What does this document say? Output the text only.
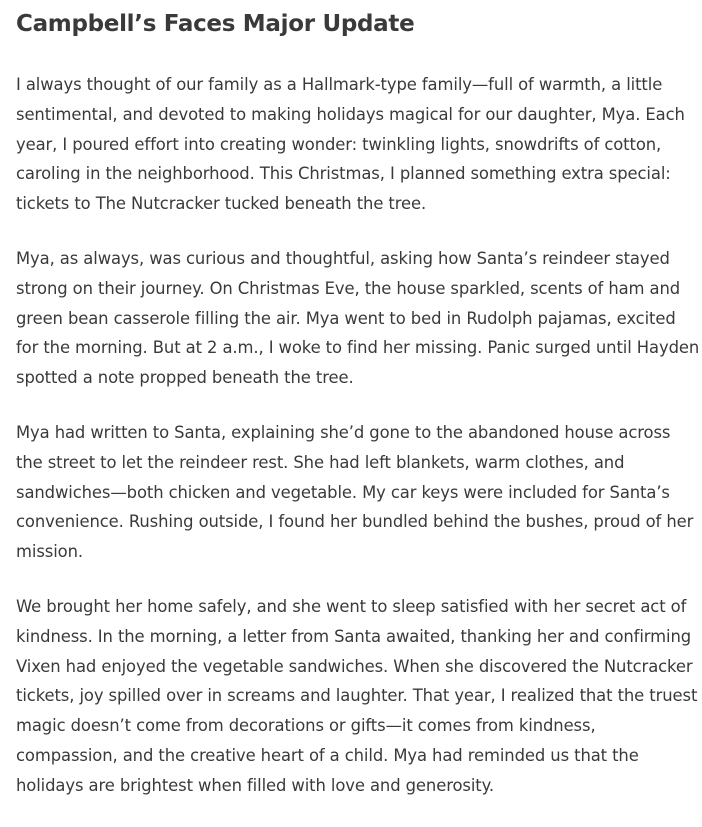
Campbell’s Faces Major Update

I always thought of our family as a Hallmark-type family—full of warmth, a little sentimental, and devoted to making holidays magical for our daughter, Mya. Each year, I poured effort into creating wonder: twinkling lights, snowdrifts of cotton, caroling in the neighborhood. This Christmas, I planned something extra special: tickets to The Nutcracker tucked beneath the tree.

Mya, as always, was curious and thoughtful, asking how Santa’s reindeer stayed strong on their journey. On Christmas Eve, the house sparkled, scents of ham and green bean casserole filling the air. Mya went to bed in Rudolph pajamas, excited for the morning. But at 2 a.m., I woke to find her missing. Panic surged until Hayden spotted a note propped beneath the tree.

Mya had written to Santa, explaining she’d gone to the abandoned house across the street to let the reindeer rest. She had left blankets, warm clothes, and sandwiches—both chicken and vegetable. My car keys were included for Santa’s convenience. Rushing outside, I found her bundled behind the bushes, proud of her mission.

We brought her home safely, and she went to sleep satisfied with her secret act of kindness. In the morning, a letter from Santa awaited, thanking her and confirming Vixen had enjoyed the vegetable sandwiches. When she discovered the Nutcracker tickets, joy spilled over in screams and laughter. That year, I realized that the truest magic doesn’t come from decorations or gifts—it comes from kindness, compassion, and the creative heart of a child. Mya had reminded us that the holidays are brightest when filled with love and generosity.
